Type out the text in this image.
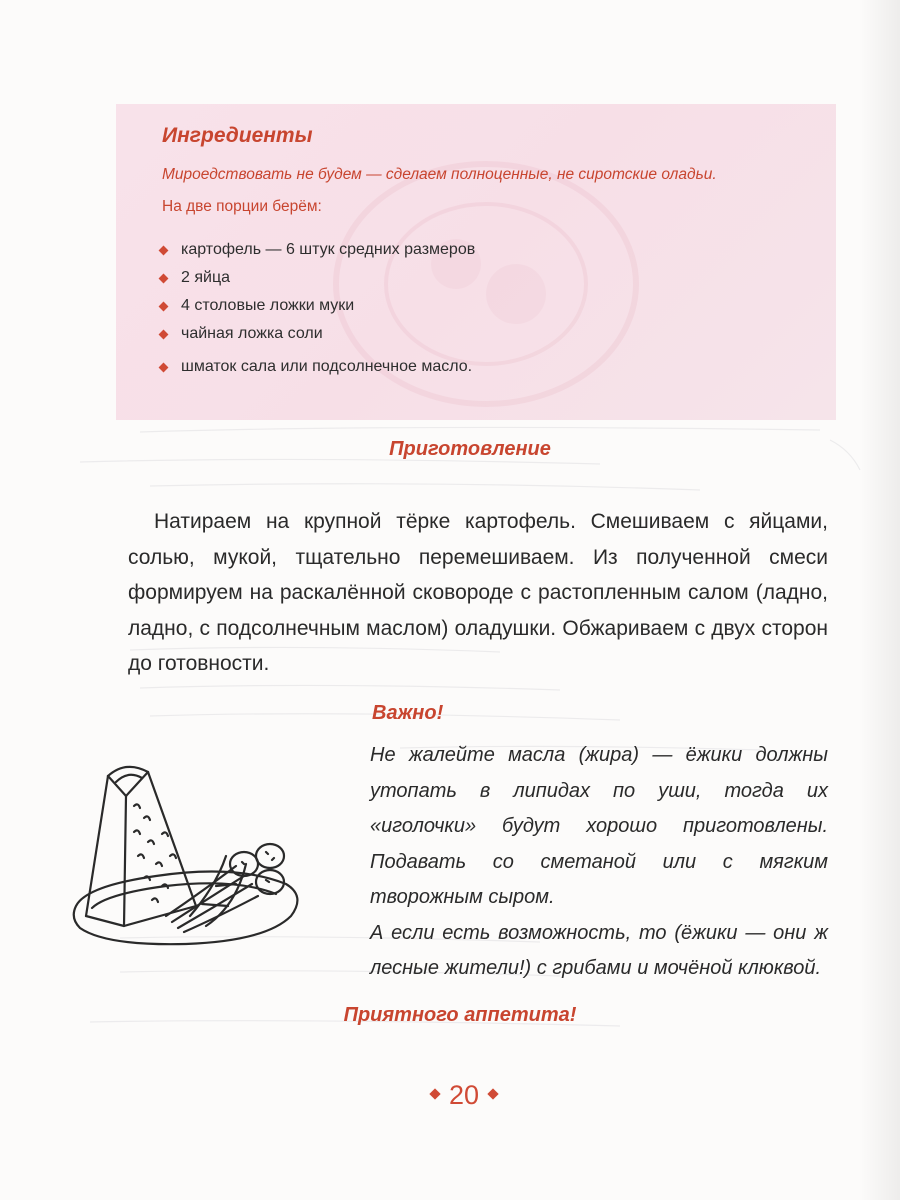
Ингредиенты
Мироедствовать не будем — сделаем полноценные, не сиротские оладьи.
На две порции берём:
картофель — 6 штук средних размеров
2 яйца
4 столовые ложки муки
чайная ложка соли
шматок сала или подсолнечное масло.
Приготовление

Натираем на крупной тёрке картофель. Смешиваем с яйцами, солью, мукой, тщательно перемешиваем. Из полученной смеси формируем на раскалённой сковороде с растопленным салом (ладно, ладно, с подсолнечным маслом) оладушки. Обжариваем с двух сторон до готовности.

Важно!

Не жалейте масла (жира) — ёжики должны утопать в липидах по уши, тогда их «иголочки» будут хорошо приготовлены. Подавать со сметаной или с мягким творожным сыром.

А если есть возможность, то (ёжики — они ж лесные жители!) с грибами и мочёной клюквой.

Приятного аппетита!
20
